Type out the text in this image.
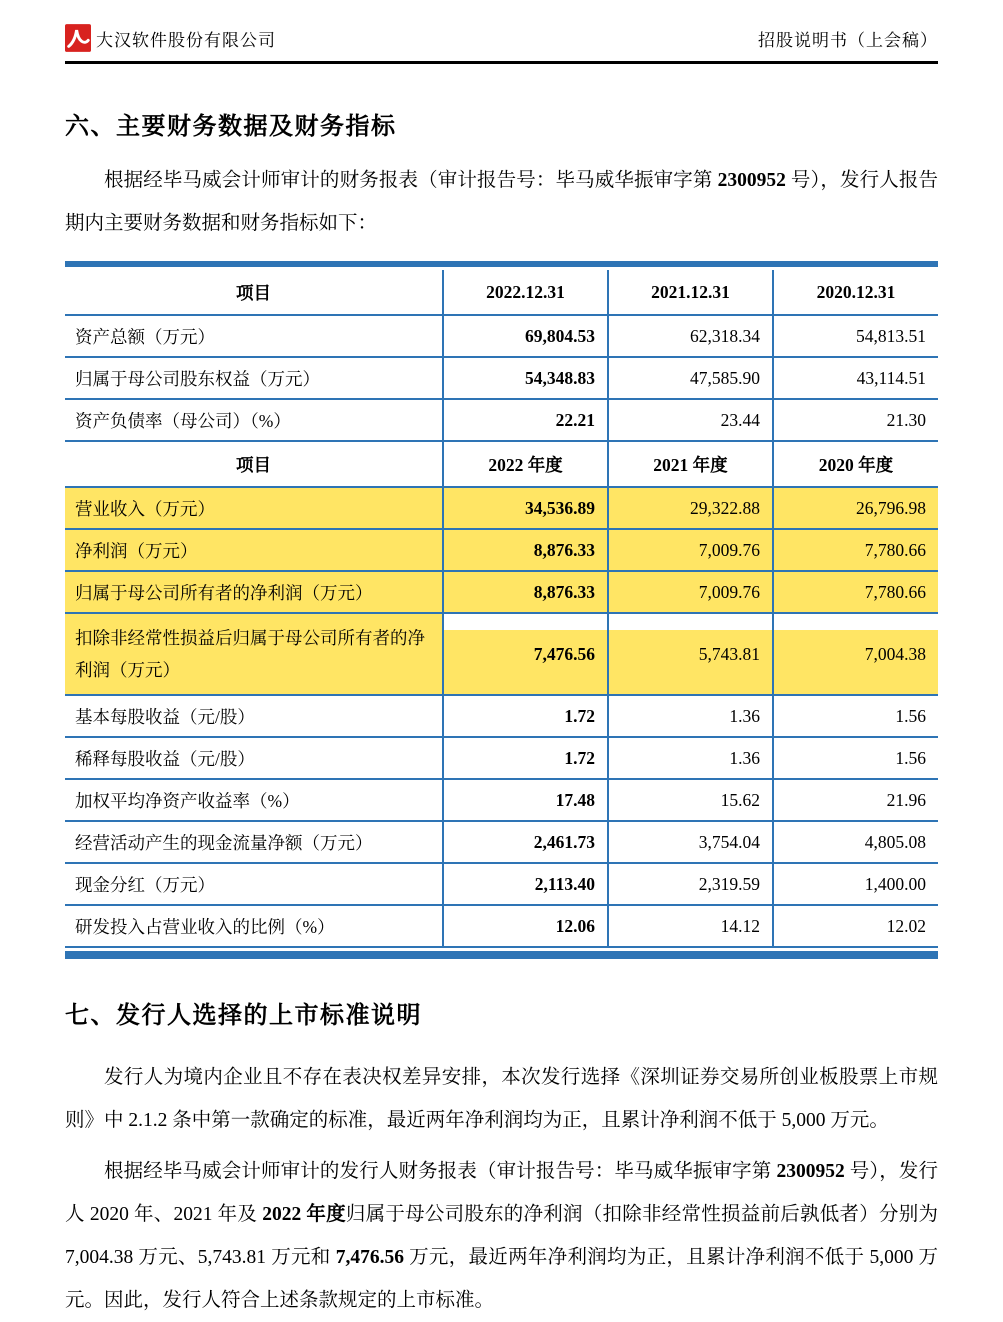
大汉软件股份有限公司	招股说明书（上会稿）
六、主要财务数据及财务指标

根据经毕马威会计师审计的财务报表（审计报告号：毕马威华振审字第 2300952 号），发行人报告期内主要财务数据和财务指标如下：

项目	2022.12.31	2021.12.31	2020.12.31
资产总额（万元）	69,804.53	62,318.34	54,813.51
归属于母公司股东权益（万元）	54,348.83	47,585.90	43,114.51
资产负债率（母公司）（%）	22.21	23.44	21.30
项目	2022 年度	2021 年度	2020 年度
营业收入（万元）	34,536.89	29,322.88	26,796.98
净利润（万元）	8,876.33	7,009.76	7,780.66
归属于母公司所有者的净利润（万元）	8,876.33	7,009.76	7,780.66
扣除非经常性损益后归属于母公司所有者的净利润（万元）	7,476.56	5,743.81	7,004.38
基本每股收益（元/股）	1.72	1.36	1.56
稀释每股收益（元/股）	1.72	1.36	1.56
加权平均净资产收益率（%）	17.48	15.62	21.96
经营活动产生的现金流量净额（万元）	2,461.73	3,754.04	4,805.08
现金分红（万元）	2,113.40	2,319.59	1,400.00
研发投入占营业收入的比例（%）	12.06	14.12	12.02
七、发行人选择的上市标准说明

发行人为境内企业且不存在表决权差异安排，本次发行选择《深圳证券交易所创业板股票上市规则》中 2.1.2 条中第一款确定的标准，最近两年净利润均为正，且累计净利润不低于 5,000 万元。

根据经毕马威会计师审计的发行人财务报表（审计报告号：毕马威华振审字第 2300952 号），发行人 2020 年、2021 年及 2022 年度归属于母公司股东的净利润（扣除非经常性损益前后孰低者）分别为 7,004.38 万元、5,743.81 万元和 7,476.56 万元，最近两年净利润均为正，且累计净利润不低于 5,000 万元。因此，发行人符合上述条款规定的上市标准。
